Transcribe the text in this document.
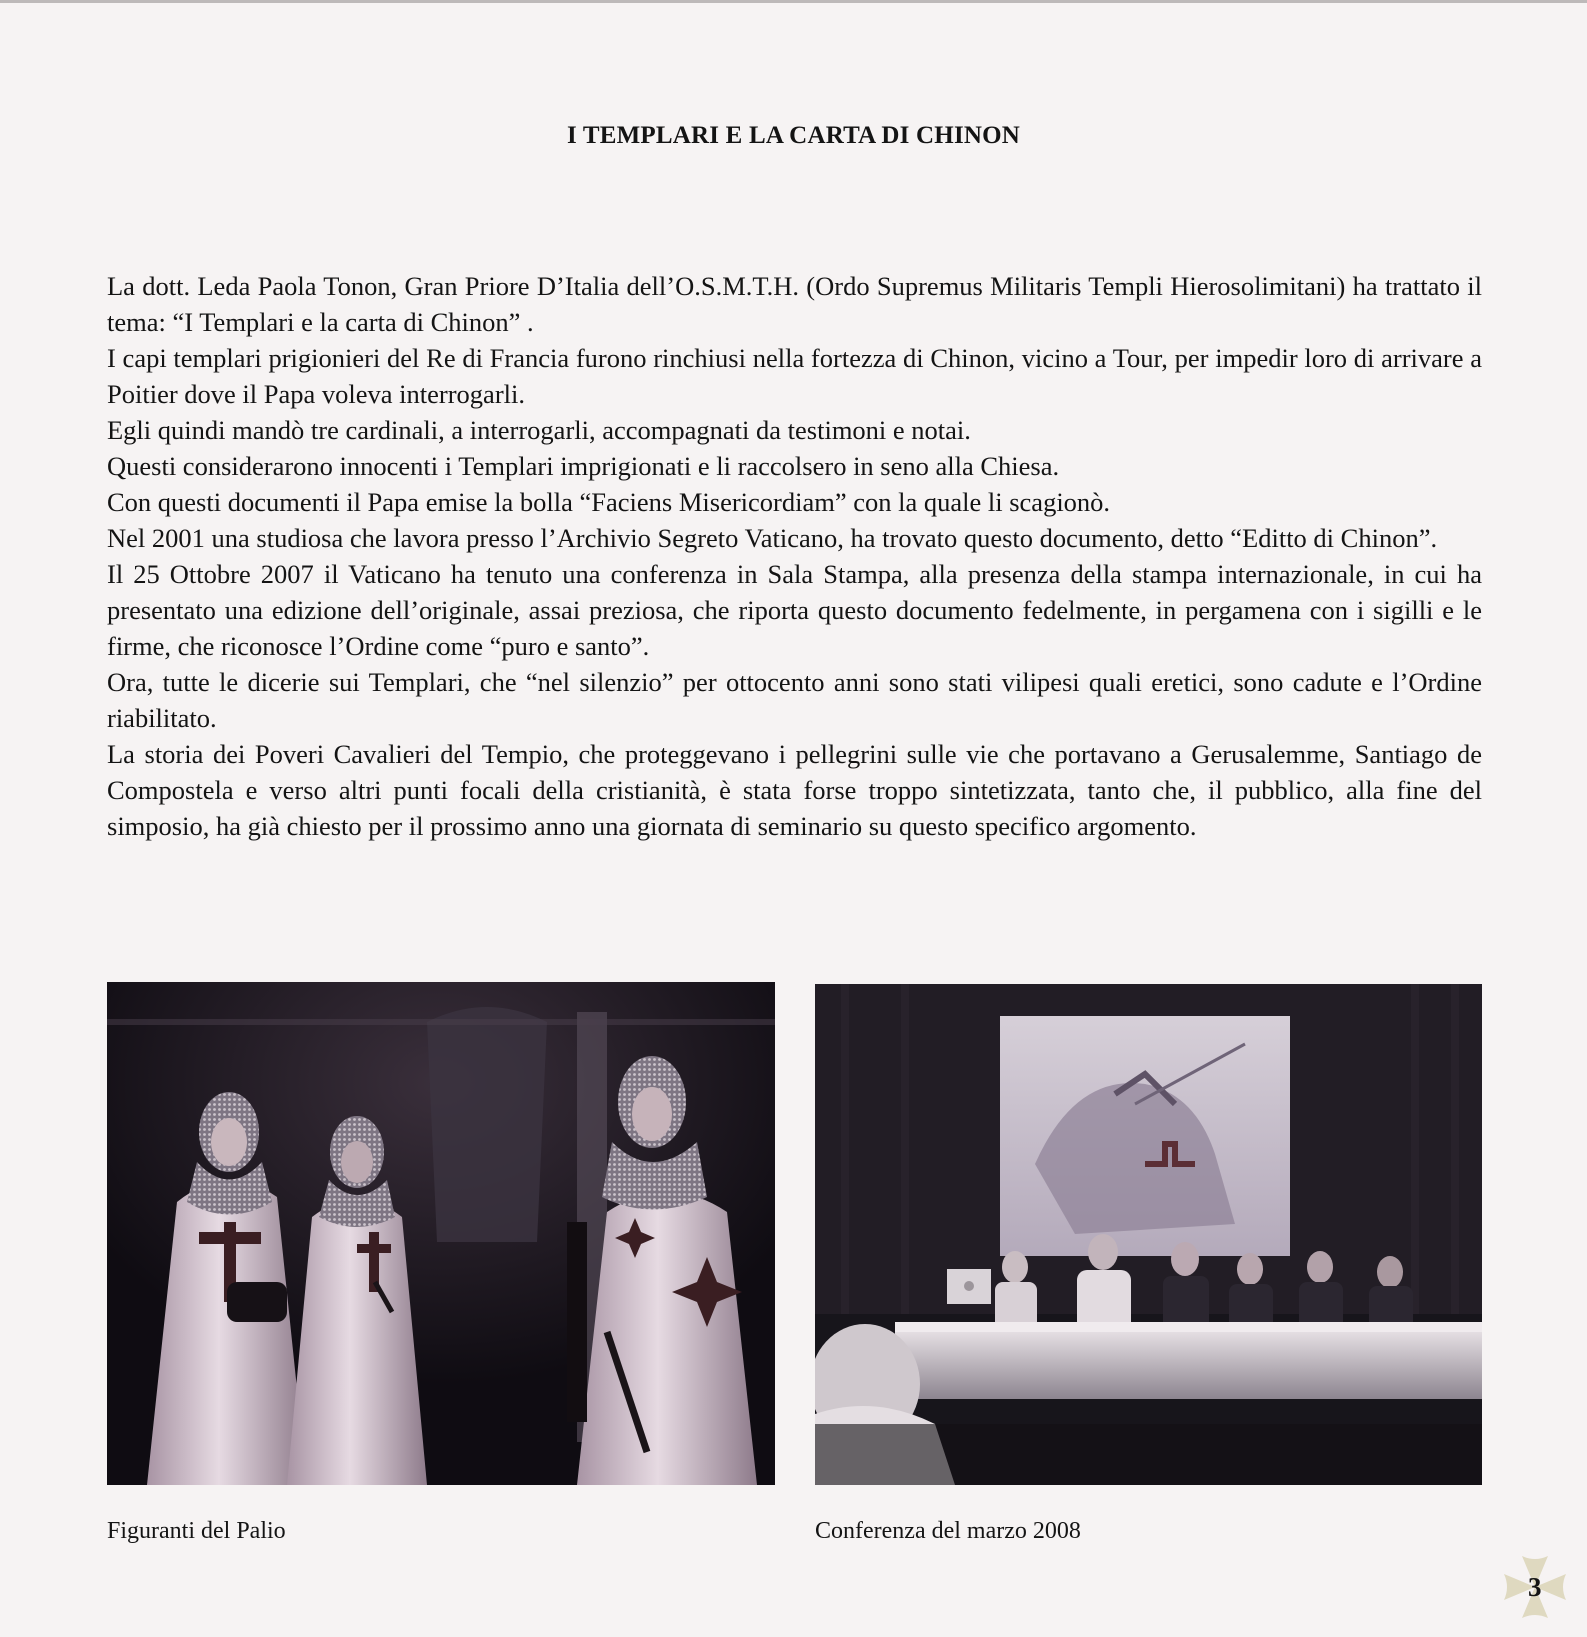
I TEMPLARI E LA CARTA DI CHINON

La dott. Leda Paola Tonon, Gran Priore D’Italia dell’O.S.M.T.H. (Ordo Supremus Militaris Templi Hierosolimitani) ha trattato il tema: “I Templari e la carta di Chinon” .

I capi templari prigionieri del Re di Francia furono rinchiusi nella fortezza di Chinon, vicino a Tour, per impedir loro di arrivare a Poitier dove il Papa voleva interrogarli.

Egli quindi mandò tre cardinali, a interrogarli, accompagnati da testimoni e notai.

Questi considerarono innocenti i Templari imprigionati e li raccolsero in seno alla Chiesa.

Con questi documenti il Papa emise la bolla “Faciens Misericordiam” con la quale li scagionò.

Nel 2001 una studiosa che lavora presso l’Archivio Segreto Vaticano, ha trovato questo documento, detto “Editto di Chinon”.

Il 25 Ottobre 2007 il Vaticano ha tenuto una conferenza in Sala Stampa, alla presenza della stampa internazionale, in cui ha presentato una edizione dell’originale, assai preziosa, che riporta questo documento fedelmente, in pergamena con i sigilli e le firme, che riconosce l’Ordine come “puro e santo”.

Ora, tutte le dicerie sui Templari, che “nel silenzio” per ottocento anni sono stati vilipesi quali eretici, sono cadute e l’Ordine riabilitato.

La storia dei Poveri Cavalieri del Tempio, che proteggevano i pellegrini sulle vie che portavano a Gerusalemme, Santiago de Compostela e verso altri punti focali della cristianità, è stata forse troppo sintetizzata, tanto che, il pubblico, alla fine del simposio, ha già chiesto per il prossimo anno una giornata di seminario su questo specifico argomento.

Figuranti del Palio	Conferenza del marzo 2008

3
